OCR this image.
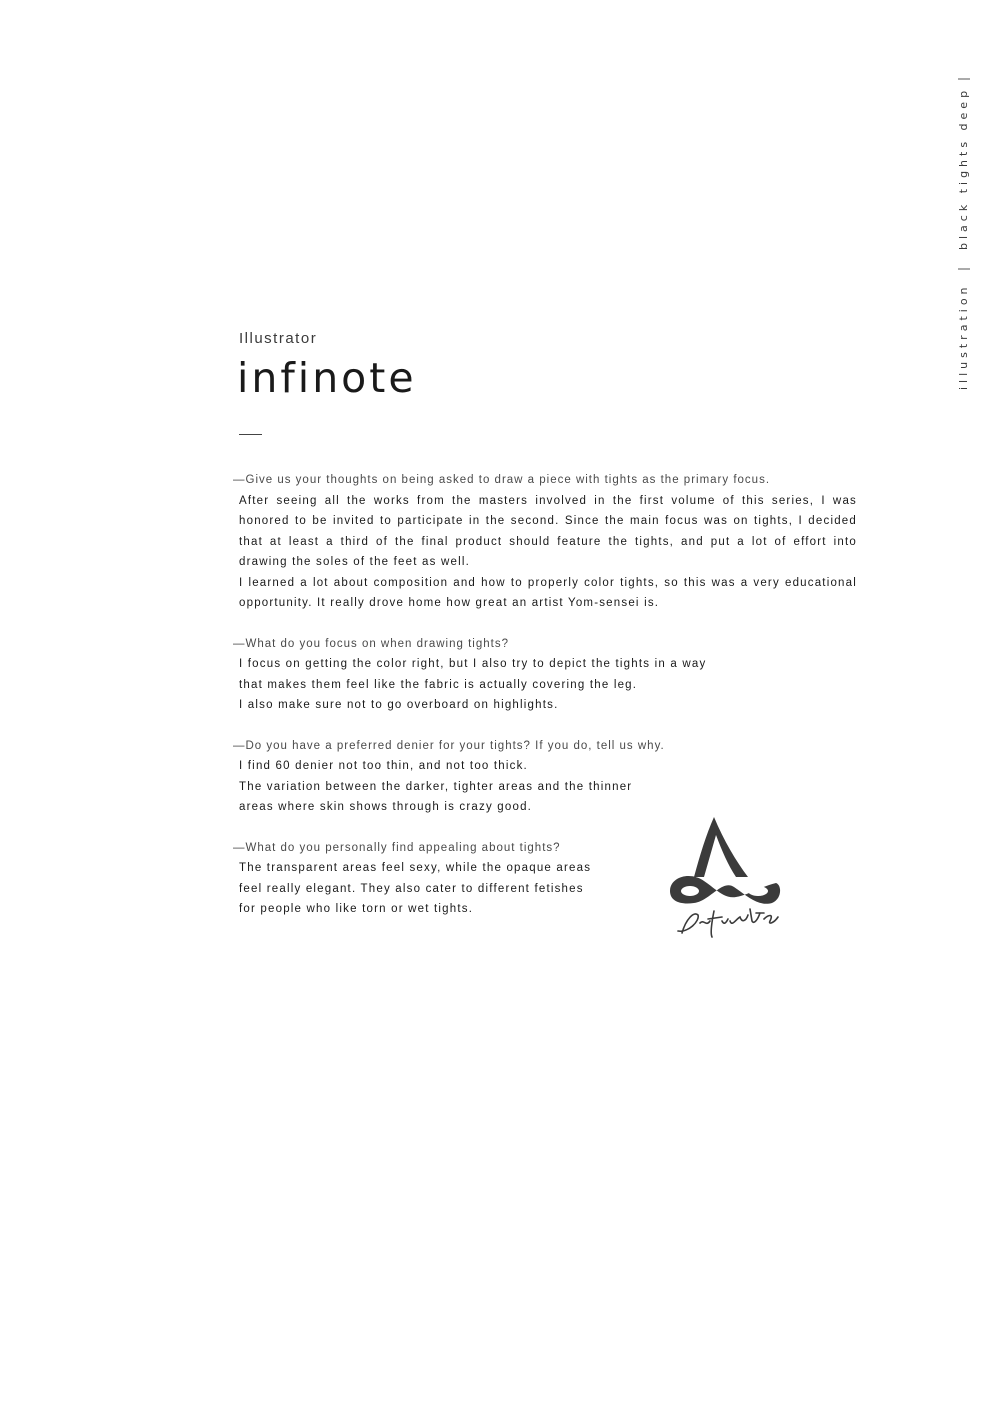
illustration
black tights deep
Illustrator
infinote

—Give us your thoughts on being asked to draw a piece with tights as the primary focus.

After seeing all the works from the masters involved in the first volume of this series, I was honored to be invited to participate in the second. Since the main focus was on tights, I decided that at least a third of the final product should feature the tights, and put a lot of effort into drawing the soles of the feet as well.

I learned a lot about composition and how to properly color tights, so this was a very educational opportunity. It really drove home how great an artist Yom-sensei is.

—What do you focus on when drawing tights?

I focus on getting the color right, but I also try to depict the tights in a way

that makes them feel like the fabric is actually covering the leg.

I also make sure not to go overboard on highlights.

—Do you have a preferred denier for your tights? If you do, tell us why.

I find 60 denier not too thin, and not too thick.

The variation between the darker, tighter areas and the thinner

areas where skin shows through is crazy good.

—What do you personally find appealing about tights?

The transparent areas feel sexy, while the opaque areas

feel really elegant. They also cater to different fetishes

for people who like torn or wet tights.
